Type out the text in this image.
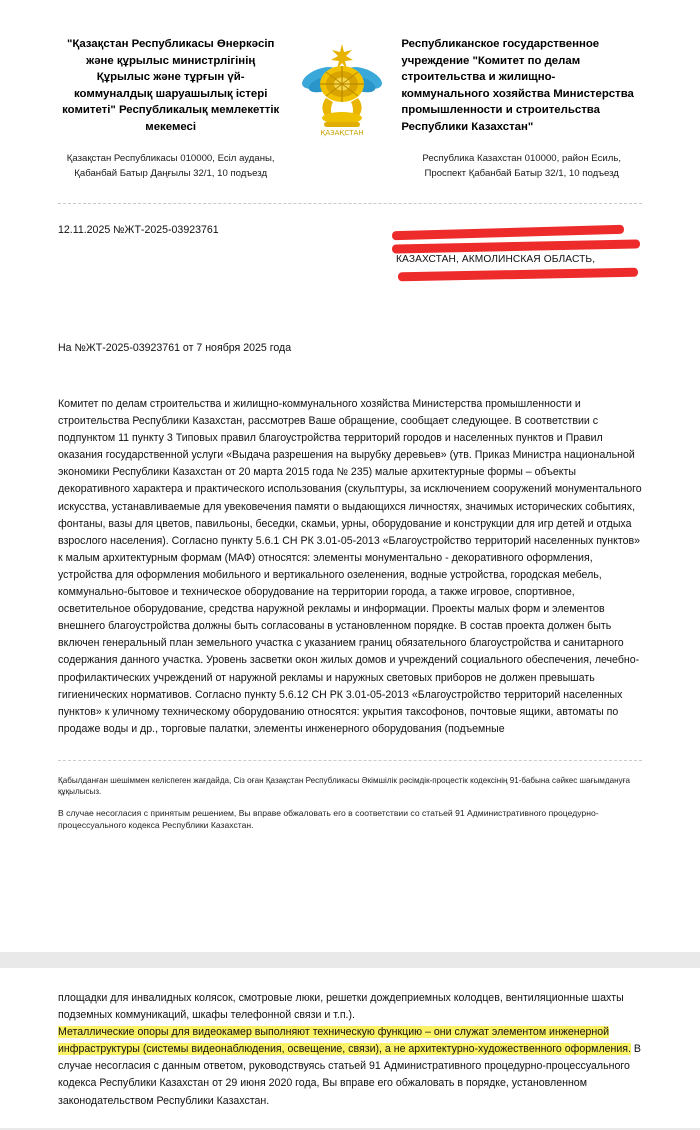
"Қазақстан Республикасы Өнеркәсіп және құрылыс министрлігінің Құрылыс және тұрғын үй-коммуналдық шаруашылық істері комитеті" Республикалық мемлекеттік мекемесі
Қазақстан Республикасы 010000, Есіл ауданы, Қабанбай Батыр Даңғылы 32/1, 10 подъезд
ҚАЗАҚСТАН
Республиканское государственное учреждение "Комитет по делам строительства и жилищно-коммунального хозяйства Министерства промышленности и строительства Республики Казахстан"
Республика Казахстан 010000, район Есиль, Проспект Қабанбай Батыр 32/1, 10 подъезд
12.11.2025 №ЖТ-2025-03923761
КАЗАХСТАН, АКМОЛИНСКАЯ ОБЛАСТЬ,
На №ЖТ-2025-03923761 от 7 ноября 2025 года
Комитет по делам строительства и жилищно-коммунального хозяйства Министерства промышленности и строительства Республики Казахстан, рассмотрев Ваше обращение, сообщает следующее. В соответствии с подпунктом 11 пункту 3 Типовых правил благоустройства территорий городов и населенных пунктов и Правил оказания государственной услуги «Выдача разрешения на вырубку деревьев» (утв. Приказ Министра национальной экономики Республики Казахстан от 20 марта 2015 года № 235) малые архитектурные формы – объекты декоративного характера и практического использования (скульптуры, за исключением сооружений монументального искусства, устанавливаемые для увековечения памяти о выдающихся личностях, значимых исторических событиях, фонтаны, вазы для цветов, павильоны, беседки, скамьи, урны, оборудование и конструкции для игр детей и отдыха взрослого населения). Согласно пункту 5.6.1 СН РК 3.01-05-2013 «Благоустройство территорий населенных пунктов» к малым архитектурным формам (МАФ) относятся: элементы монументально - декоративного оформления, устройства для оформления мобильного и вертикального озеленения, водные устройства, городская мебель, коммунально-бытовое и техническое оборудование на территории города, а также игровое, спортивное, осветительное оборудование, средства наружной рекламы и информации. Проекты малых форм и элементов внешнего благоустройства должны быть согласованы в установленном порядке. В состав проекта должен быть включен генеральный план земельного участка с указанием границ обязательного благоустройства и санитарного содержания данного участка. Уровень засветки окон жилых домов и учреждений социального обеспечения, лечебно-профилактических учреждений от наружной рекламы и наружных световых приборов не должен превышать гигиенических нормативов. Согласно пункту 5.6.12 СН РК 3.01-05-2013 «Благоустройство территорий населенных пунктов» к уличному техническому оборудованию относятся: укрытия таксофонов, почтовые ящики, автоматы по продаже воды и др., торговые палатки, элементы инженерного оборудования (подъемные
Қабылданған шешіммен келіспеген жағдайда, Сіз оған Қазақстан Республикасы Әкімшілік рәсімдік-процестік кодексінің 91-бабына сәйкес шағымдануға құқылысыз.
В случае несогласия с принятым решением, Вы вправе обжаловать его в соответствии со статьей 91 Административного процедурно-процессуального кодекса Республики Казахстан.
площадки для инвалидных колясок, смотровые люки, решетки дождеприемных колодцев, вентиляционные шахты подземных коммуникаций, шкафы телефонной связи и т.п.).
Металлические опоры для видеокамер выполняют техническую функцию – они служат элементом инженерной инфраструктуры (системы видеонаблюдения, освещение, связи), а не архитектурно-художественного оформления. В случае несогласия с данным ответом, руководствуясь статьей 91 Административного процедурно-процессуального кодекса Республики Казахстан от 29 июня 2020 года, Вы вправе его обжаловать в порядке, установленном законодательством Республики Казахстан.
